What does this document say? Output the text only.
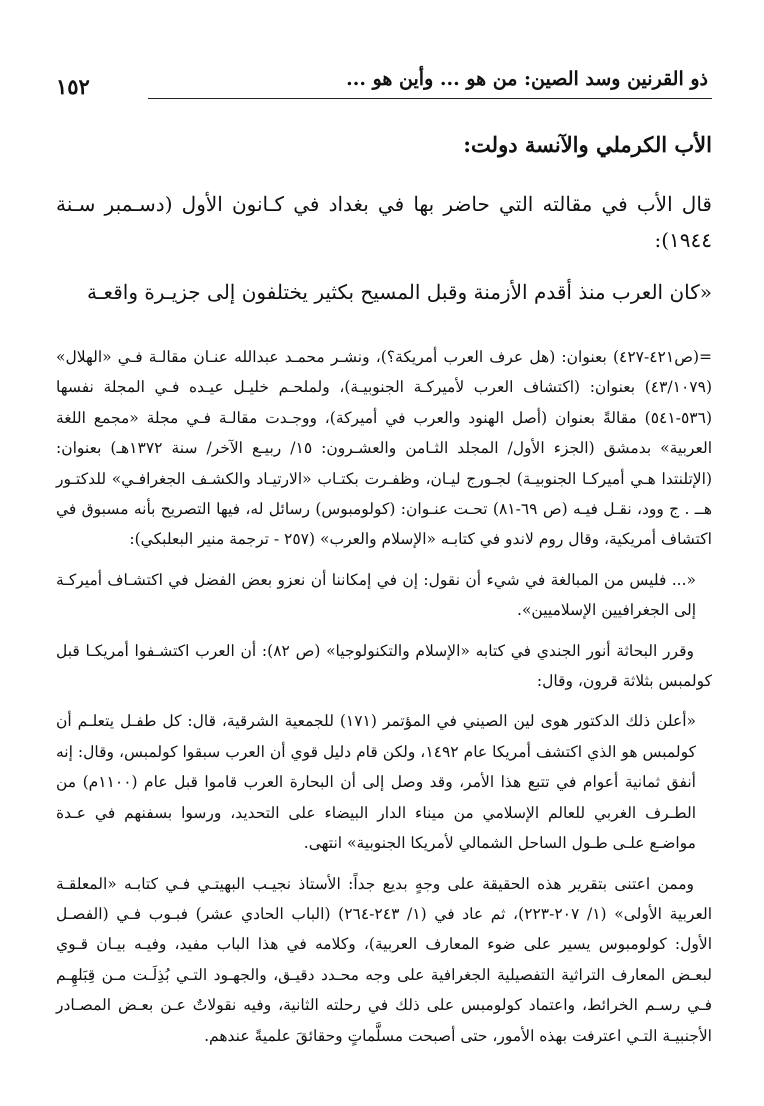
ذو القرنين وسد الصين: من هو ... وأين هو ...
١٥٢

الأب الكرملي والآنسة دولت:

قال الأب في مقالته التي حاضر بها في بغداد في كـانون الأول (دسـمبر سـنة ١٩٤٤):

«كان العرب منذ أقدم الأزمنة وقبل المسيح بكثير يختلفون إلى جزيـرة واقعـة

=(ص٤٢١-٤٢٧) بعنوان: (هل عرف العرب أمريكة؟)، ونشـر محمـد عبدالله عنـان مقالـة فـي «الهلال» (٤٣/١٠٧٩) بعنوان: (اكتشاف العرب لأميركـة الجنوبيـة)، ولملحـم خليـل عيـده فـي المجلة نفسها (٥٣٦-٥٤١) مقالةً بعنوان (أصل الهنود والعرب في أميركة)، ووجـدت مقالـة فـي مجلة «مجمع اللغة العربية» بدمشق (الجزء الأول/ المجلد الثـامن والعشـرون: ١٥/ ربيـع الآخر/ سنة ١٣٧٢هـ) بعنوان: (الإتلنتدا هـي أميركـا الجنوبيـة) لجـورج ليـان، وظفـرت بكتـاب «الارتيـاد والكشـف الجغرافـي» للدكتـور هــ . ج وود، نقـل فيـه (ص ٦٩-٨١) تحـت عنـوان: (كولومبوس) رسائل له، فيها التصريح بأنه مسبوق في اكتشاف أمريكية، وقال روم لاندو في كتابـه «الإسلام والعرب» (٢٥٧ - ترجمة منير البعلبكي):

«... فليس من المبالغة في شيء أن نقول: إن في إمكاننا أن نعزو بعض الفضل في اكتشـاف أميركـة إلى الجغرافيين الإسلاميين».

وقرر البحاثة أنور الجندي في كتابه «الإسلام والتكنولوجيا» (ص ٨٢): أن العرب اكتشـفوا أمريكـا قبل كولمبس بثلاثة قرون، وقال:

«أعلن ذلك الدكتور هوى لين الصيني في المؤتمر (١٧١) للجمعية الشرقية، قال: كل طفـل يتعلـم أن كولمبس هو الذي اكتشف أمريكا عام ١٤٩٢، ولكن قام دليل قوي أن العرب سبقوا كولمبس، وقال: إنه أنفق ثمانية أعوام في تتبع هذا الأمر، وقد وصل إلى أن البحارة العرب قاموا قبل عام (١١٠٠م) من الطـرف الغربي للعالم الإسلامي من ميناء الدار البيضاء على التحديد، ورسوا بسفنهم في عـدة مواضـع علـى طـول الساحل الشمالي لأمريكا الجنوبية» انتهى.

وممن اعتنى بتقرير هذه الحقيقة على وجهٍ بديع جداً: الأستاذ نجيـب البهيتـي فـي كتابـه «المعلقـة العربية الأولى» (١/ ٢٠٧-٢٢٣)، ثم عاد في (١/ ٢٤٣-٢٦٤) (الباب الحادي عشر) فبـوب فـي (الفصـل الأول: كولومبوس يسير على ضوء المعارف العربية)، وكلامه في هذا الباب مفيد، وفيـه بيـان قـوي لبعـض المعارف التراثية التفصيلية الجغرافية على وجه محـدد دقيـق، والجهـود التـي بُذِلَـت مـن قِبَلهِـم فـي رسـم الخرائط، واعتماد كولومبس على ذلك في رحلته الثانية، وفيه نقولاتٌ عـن بعـض المصـادر الأجنبيـة التـي اعترفت بهذه الأمور، حتى أصبحت مسلَّماتٍ وحقائقَ علميةً عندهم.
